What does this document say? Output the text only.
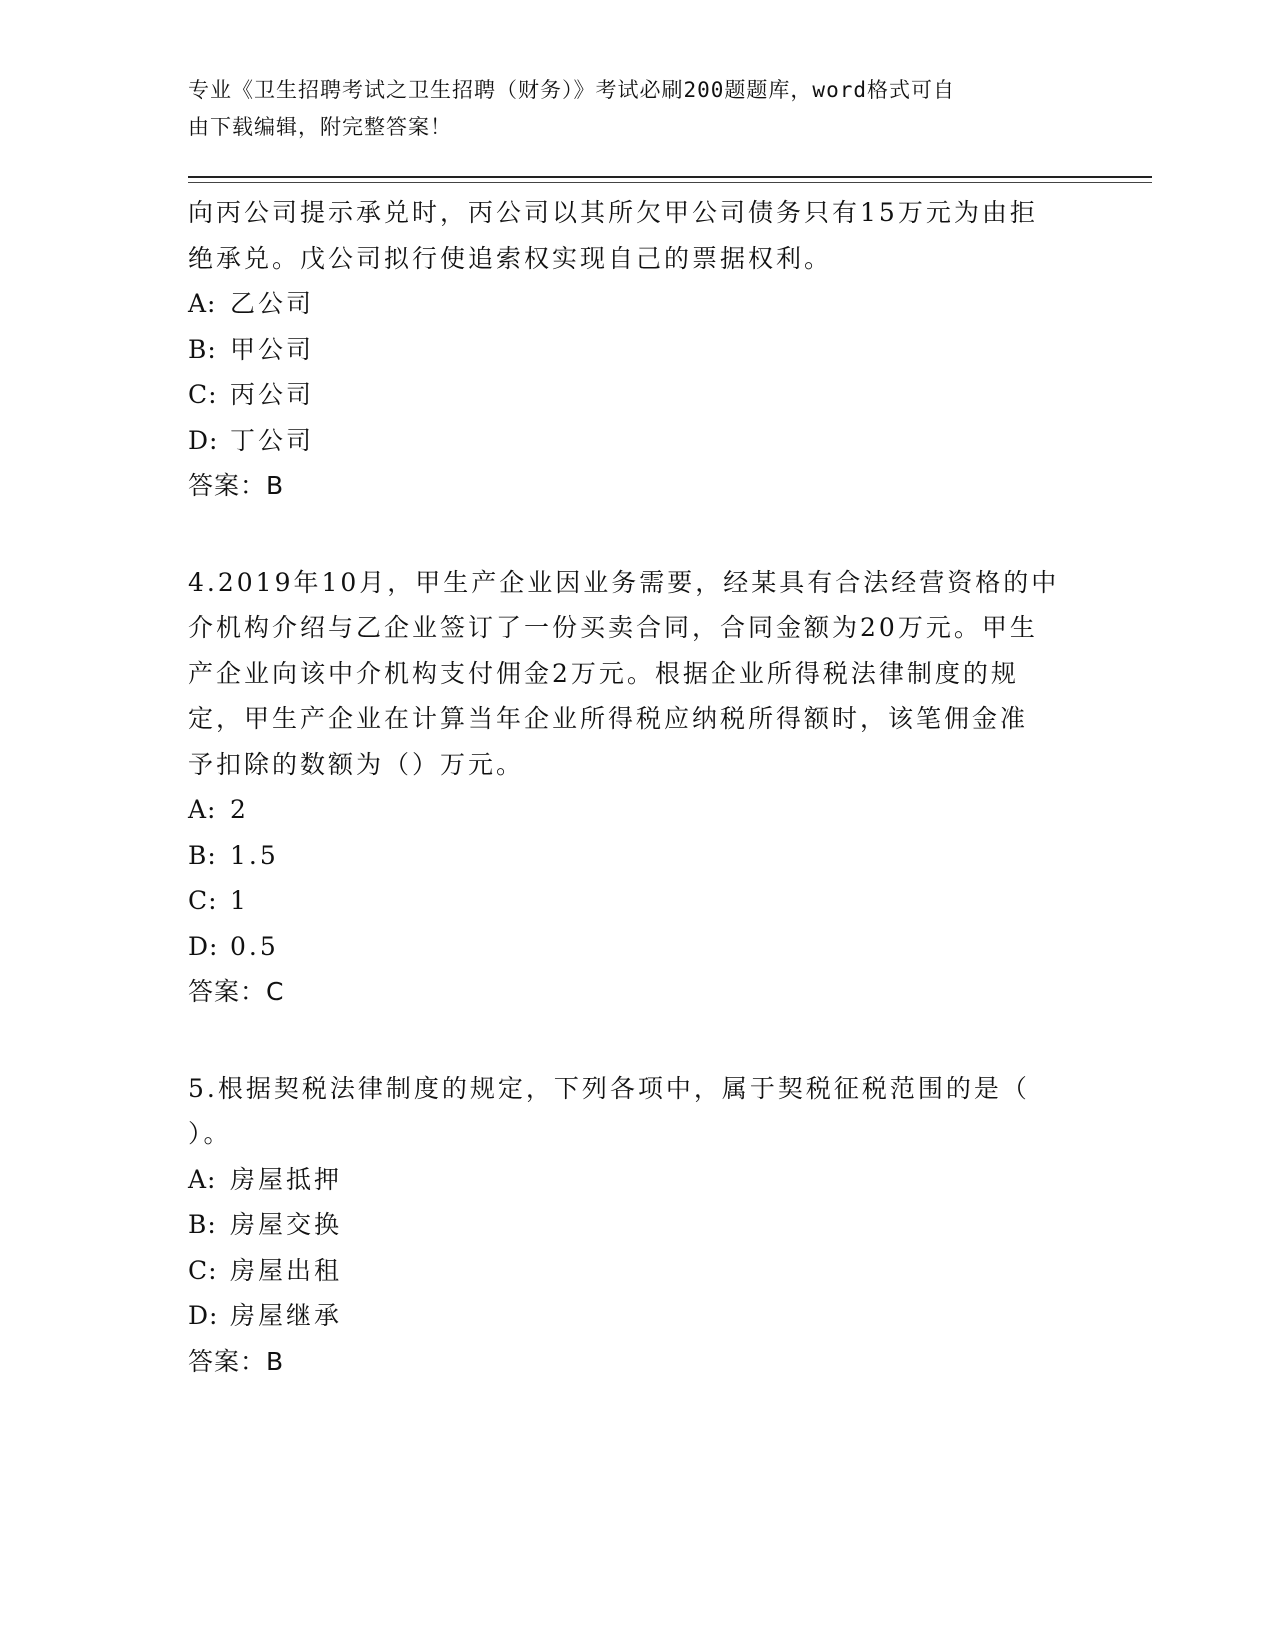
专业《卫生招聘考试之卫生招聘（财务）》考试必刷200题题库，word格式可自
由下载编辑，附完整答案！
向丙公司提示承兑时，丙公司以其所欠甲公司债务只有15万元为由拒
绝承兑。戊公司拟行使追索权实现自己的票据权利。
A: 乙公司
B: 甲公司
C: 丙公司
D: 丁公司
答案：B
4.2019年10月，甲生产企业因业务需要，经某具有合法经营资格的中
介机构介绍与乙企业签订了一份买卖合同，合同金额为20万元。甲生
产企业向该中介机构支付佣金2万元。根据企业所得税法律制度的规
定，甲生产企业在计算当年企业所得税应纳税所得额时，该笔佣金准
予扣除的数额为（）万元。
A: 2
B: 1.5
C: 1
D: 0.5
答案：C
5.根据契税法律制度的规定，下列各项中，属于契税征税范围的是（
）。
A: 房屋抵押
B: 房屋交换
C: 房屋出租
D: 房屋继承
答案：B
